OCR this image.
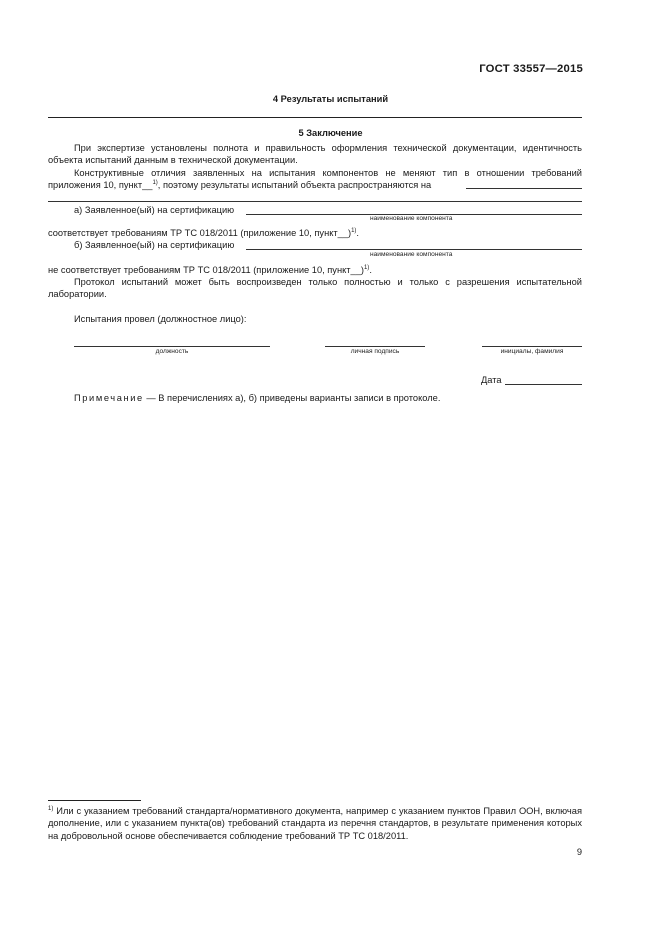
ГОСТ 33557—2015
4 Результаты испытаний
5 Заключение
При экспертизе установлены полнота и правильность оформления технической документации, идентичность объекта испытаний данным в технической документации.
Конструктивные отличия заявленных на испытания компонентов не меняют тип в отношении требований приложения 10, пункт__$^{1)}$, поэтому результаты испытаний объекта распространяются на
а) Заявленное(ый) на сертификацию
наименование компонента
соответствует требованиям ТР ТС 018/2011 (приложение 10, пункт__)$^{1)}$.
б) Заявленное(ый) на сертификацию
наименование компонента
не соответствует требованиям ТР ТС 018/2011 (приложение 10, пункт__)$^{1)}$.
Протокол испытаний может быть воспроизведен только полностью и только с разрешения испытательной лаборатории.
Испытания провел (должностное лицо):
должность	личная подпись	инициалы, фамилия
Дата
Примечание — В перечислениях а), б) приведены варианты записи в протоколе.
$^{1)}$ Или с указанием требований стандарта/нормативного документа, например с указанием пунктов Правил ООН, включая дополнение, или с указанием пункта(ов) требований стандарта из перечня стандартов, в результате применения которых на добровольной основе обеспечивается соблюдение требований ТР ТС 018/2011.
9
